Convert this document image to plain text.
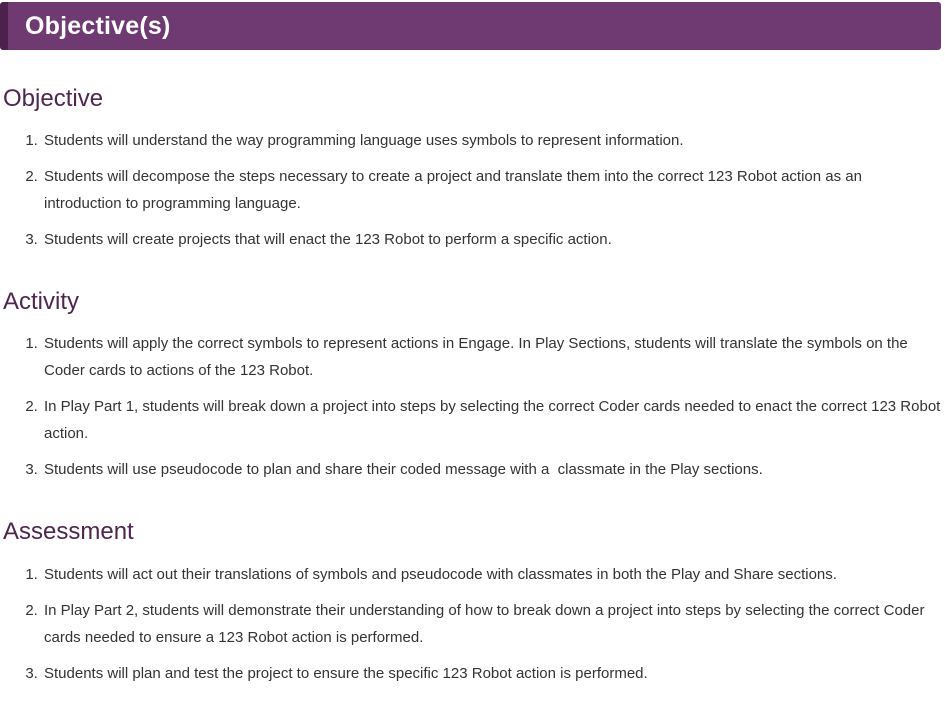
Objective(s)
Objective
1. Students will understand the way programming language uses symbols to represent information.
2. Students will decompose the steps necessary to create a project and translate them into the correct 123 Robot action as an introduction to programming language.
3. Students will create projects that will enact the 123 Robot to perform a specific action.
Activity
1. Students will apply the correct symbols to represent actions in Engage. In Play Sections, students will translate the symbols on the Coder cards to actions of the 123 Robot.
2. In Play Part 1, students will break down a project into steps by selecting the correct Coder cards needed to enact the correct 123 Robot action.
3. Students will use pseudocode to plan and share their coded message with a  classmate in the Play sections.
Assessment
1. Students will act out their translations of symbols and pseudocode with classmates in both the Play and Share sections.
2. In Play Part 2, students will demonstrate their understanding of how to break down a project into steps by selecting the correct Coder cards needed to ensure a 123 Robot action is performed.
3. Students will plan and test the project to ensure the specific 123 Robot action is performed.
